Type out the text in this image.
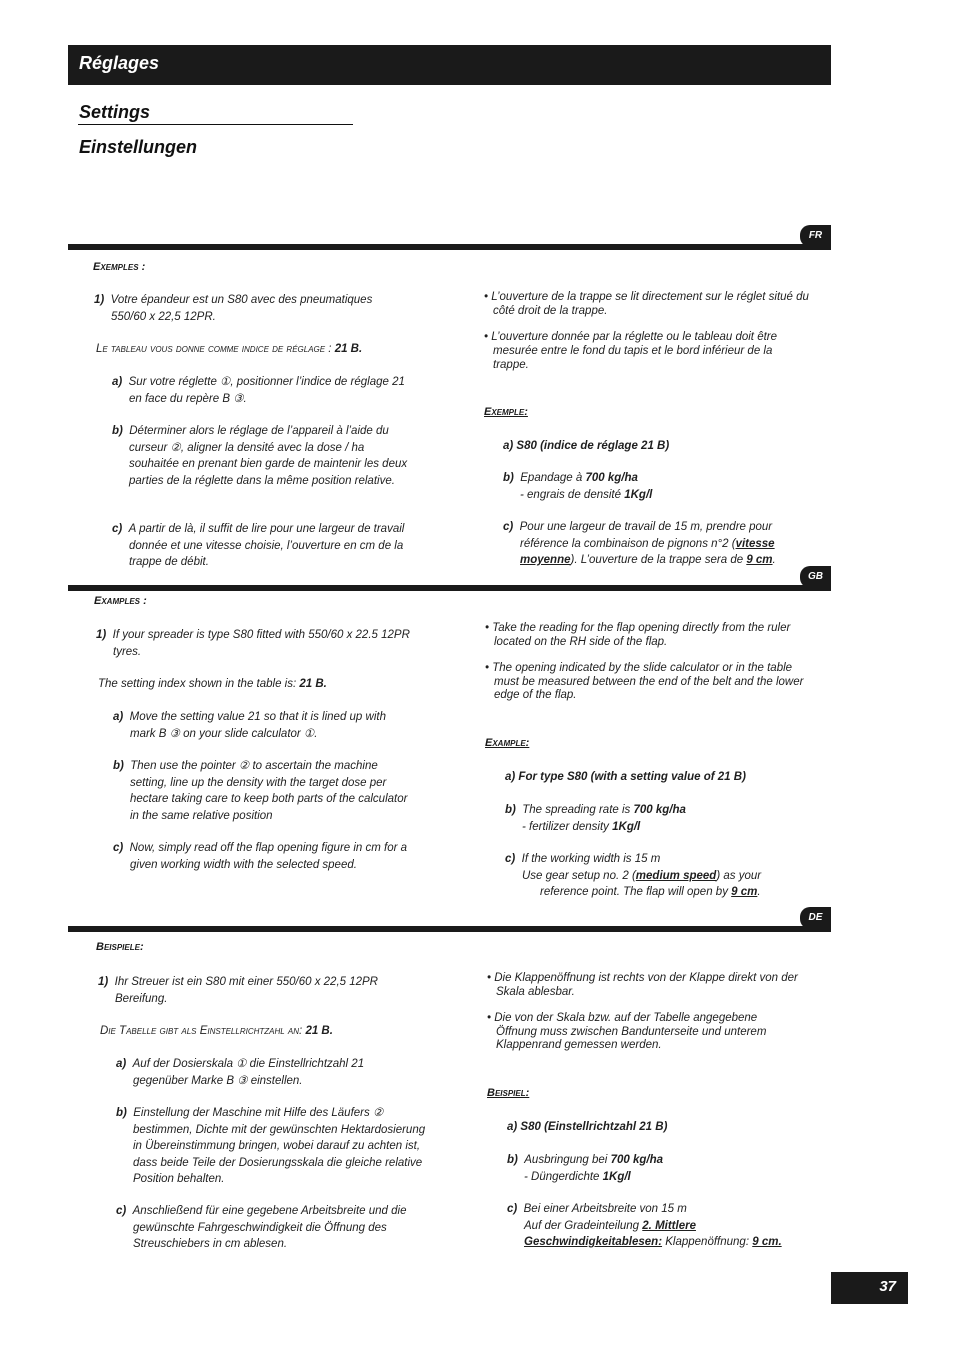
Réglages
Settings
Einstellungen
FR
Exemples :
1) Votre épandeur est un S80 avec des pneumatiques 550/60 x 22,5 12PR.
Le tableau vous donne comme indice de réglage : 21 B.
a) Sur votre réglette ①, positionner l’indice de réglage 21 en face du repère B ③.
b) Déterminer alors le réglage de l’appareil à l’aide du curseur ②, aligner la densité avec la dose / ha souhaitée en prenant bien garde de maintenir les deux parties de la réglette dans la même position relative.
c) A partir de là, il suffit de lire pour une largeur de travail donnée et une vitesse choisie, l’ouverture en cm de la trappe de débit.
• L’ouverture de la trappe se lit directement sur le réglet situé du côté droit de la trappe.
• L’ouverture donnée par la réglette ou le tableau doit être mesurée entre le fond du tapis et le bord inférieur de la trappe.
Exemple:
a) S80 (indice de réglage 21 B)
b) Epandage à 700 kg/ha
- engrais de densité 1Kg/l
c) Pour une largeur de travail de 15 m, prendre pour référence la combinaison de pignons n°2 (vitesse moyenne). L’ouverture de la trappe sera de 9 cm.
GB
Examples :
1) If your spreader is type S80 fitted with 550/60 x 22.5 12PR tyres.
The setting index shown in the table is: 21 B.
a) Move the setting value 21 so that it is lined up with mark B ③ on your slide calculator ①.
b) Then use the pointer ② to ascertain the machine setting, line up the density with the target dose per hectare taking care to keep both parts of the calculator in the same relative position
c) Now, simply read off the flap opening figure in cm for a given working width with the selected speed.
• Take the reading for the flap opening directly from the ruler located on the RH side of the flap.
• The opening indicated by the slide calculator or in the table must be measured between the end of the belt and the lower edge of the flap.
Example:
a) For type S80 (with a setting value of 21 B)
b) The spreading rate is 700 kg/ha
- fertilizer density 1Kg/l
c) If the working width is 15 m
Use gear setup no. 2 (medium speed) as your
reference point. The flap will open by 9 cm.
DE
Beispiele:
1) Ihr Streuer ist ein S80 mit einer 550/60 x 22,5 12PR Bereifung.
Die Tabelle gibt als Einstellrichtzahl an: 21 B.
a) Auf der Dosierskala ① die Einstellrichtzahl 21 gegenüber Marke B ③ einstellen.
b) Einstellung der Maschine mit Hilfe des Läufers ② bestimmen, Dichte mit der gewünschten Hektardosierung in Übereinstimmung bringen, wobei darauf zu achten ist, dass beide Teile der Dosierungsskala die gleiche relative Position behalten.
c) Anschließend für eine gegebene Arbeitsbreite und die gewünschte Fahrgeschwindigkeit die Öffnung des Streuschiebers in cm ablesen.
• Die Klappenöffnung ist rechts von der Klappe direkt von der Skala ablesbar.
• Die von der Skala bzw. auf der Tabelle angegebene Öffnung muss zwischen Bandunterseite und unterem Klappenrand gemessen werden.
Beispiel:
a) S80 (Einstellrichtzahl 21 B)
b) Ausbringung bei 700 kg/ha
- Düngerdichte 1Kg/l
c) Bei einer Arbeitsbreite von 15 m
Auf der Gradeinteilung 2. Mittlere Geschwindigkeitablesen: Klappenöffnung: 9 cm.
37
